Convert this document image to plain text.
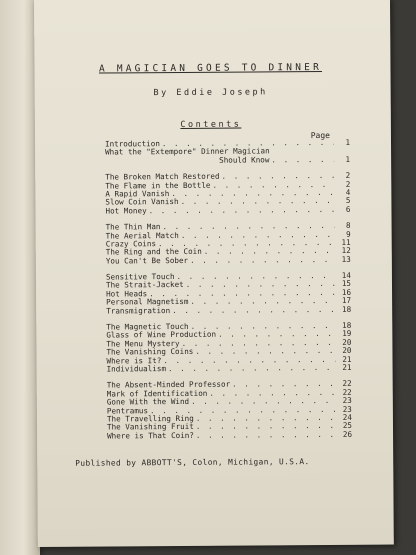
A MAGICIAN GOES TO DINNER
By Eddie Joseph
Contents
Page
Introduction . . .	1
What the "Extempore" Dinner Magician
Should Know . . .	1
The Broken Match Restored . . .	2
The Flame in the Bottle . . .	2
A Rapid Vanish . . .	4
Slow Coin Vanish . . .	5
Hot Money . . .	6
The Thin Man . . .	8
The Aerial Match . . .	9
Crazy Coins . . .	11
The Ring and the Coin . . .	12
You Can't Be Sober . . .	13
Sensitive Touch . . .	14
The Strait-Jacket . . .	15
Hot Heads . . .	16
Personal Magnetism . . .	17
Transmigration . . .	18
The Magnetic Touch . . .	18
Glass of Wine Production . . .	19
The Menu Mystery . . .	20
The Vanishing Coins . . .	20
Where is It? . . .	21
Individualism . . .	21
The Absent-Minded Professor . . .	22
Mark of Identification . . .	22
Gone With the Wind . . .	23
Pentramus . . .	23
The Travelling Ring . . .	24
The Vanishing Fruit . . .	25
Where is That Coin? . . .	26
Published by ABBOTT'S, Colon, Michigan, U.S.A.
